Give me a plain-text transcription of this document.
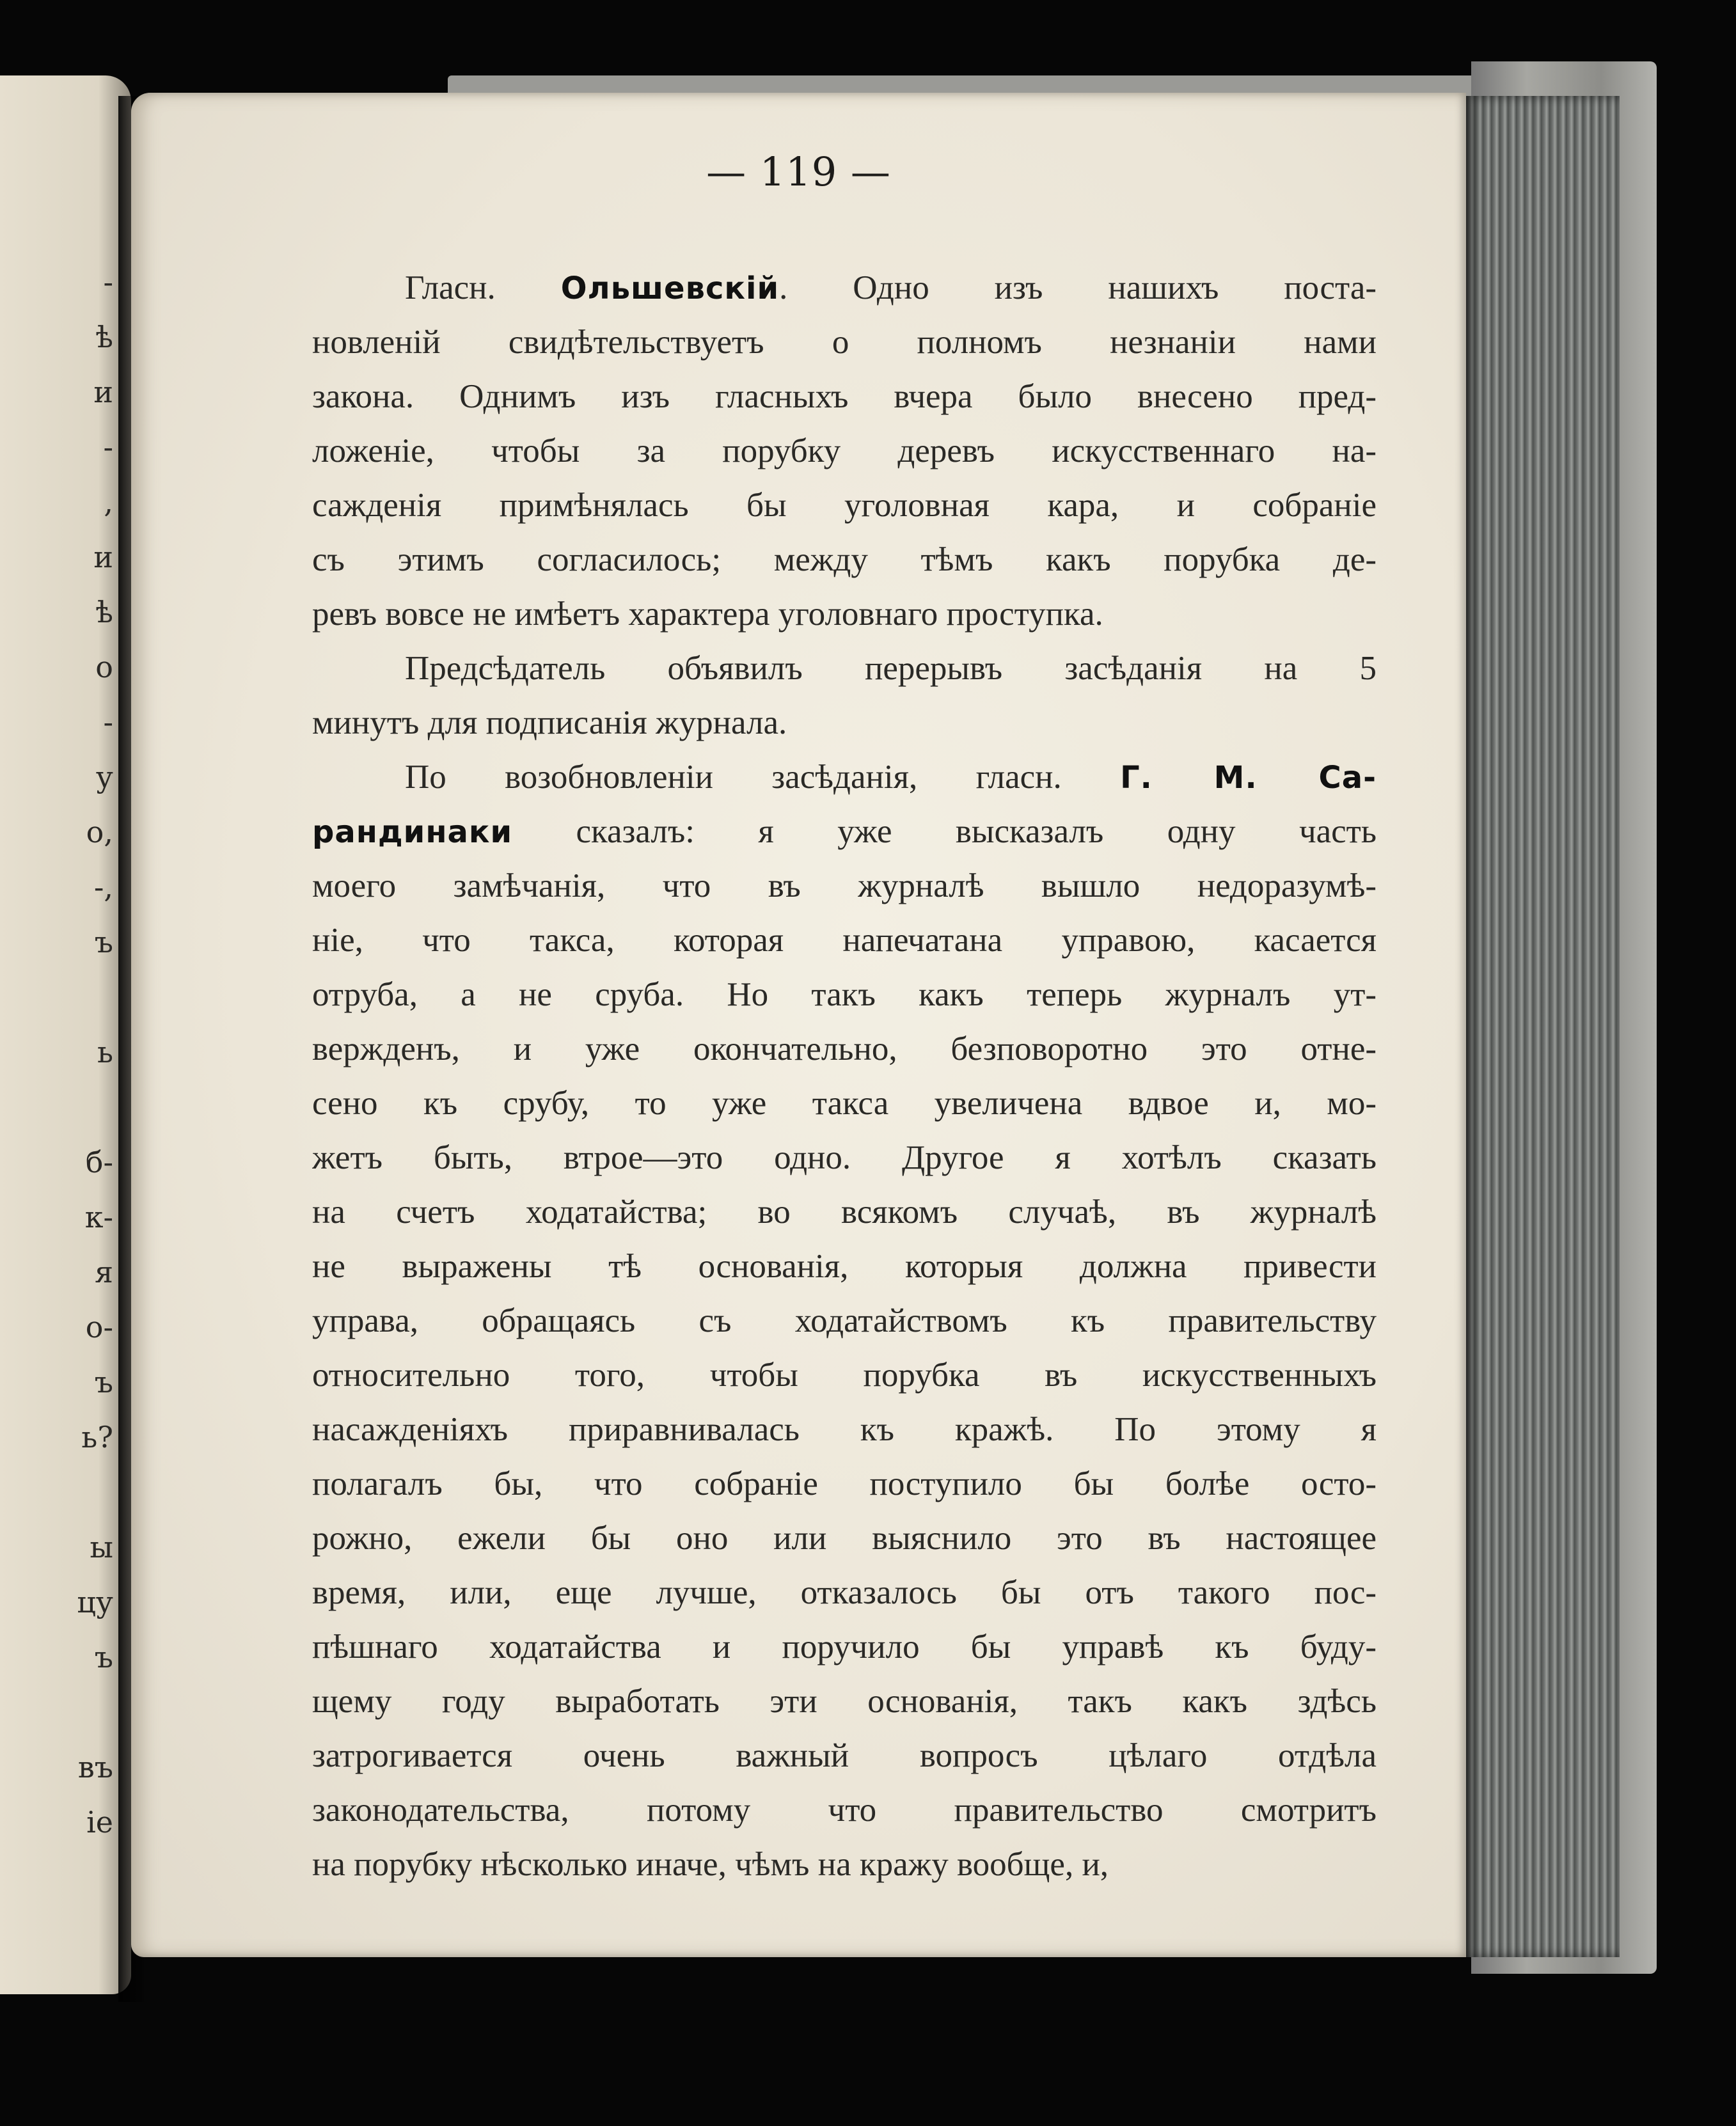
-
ѣ
и
-
,
и
ѣ
о
-
у
о,
-,
ъ
ь
б-
к-
я
о-
ъ
ь?
ы
цу
ъ
въ
іе
— 119 —
Гласн. Ольшевскій. Одно изъ нашихъ поста-
новленій свидѣтельствуетъ о полномъ незнаніи нами
закона. Однимъ изъ гласныхъ вчера было внесено пред-
ложеніе, чтобы за порубку деревъ искусственнаго на-
сажденія примѣнялась бы уголовная кара, и собраніе
съ этимъ согласилось; между тѣмъ какъ порубка де-
ревъ вовсе не имѣетъ характера уголовнаго проступка.
Предсѣдатель объявилъ перерывъ засѣданія на 5
минутъ для подписанія журнала.
По возобновленіи засѣданія, гласн. Г. М. Са-
рандинаки сказалъ: я уже высказалъ одну часть
моего замѣчанія, что въ журналѣ вышло недоразумѣ-
ніе, что такса, которая напечатана управою, касается
отруба, а не сруба. Но такъ какъ теперь журналъ ут-
вержденъ, и уже окончательно, безповоротно это отне-
сено къ срубу, то уже такса увеличена вдвое и, мо-
жетъ быть, втрое—это одно. Другое я хотѣлъ сказать
на счетъ ходатайства; во всякомъ случаѣ, въ журналѣ
не выражены тѣ основанія, которыя должна привести
управа, обращаясь съ ходатайствомъ къ правительству
относительно того, чтобы порубка въ искусственныхъ
насажденіяхъ приравнивалась къ кражѣ. По этому я
полагалъ бы, что собраніе поступило бы болѣе осто-
рожно, ежели бы оно или выяснило это въ настоящее
время, или, еще лучше, отказалось бы отъ такого пос-
пѣшнаго ходатайства и поручило бы управѣ къ буду-
щему году выработать эти основанія, такъ какъ здѣсь
затрогивается очень важный вопросъ цѣлаго отдѣла
законодательства, потому что правительство смотритъ
на порубку нѣсколько иначе, чѣмъ на кражу вообще, и,
